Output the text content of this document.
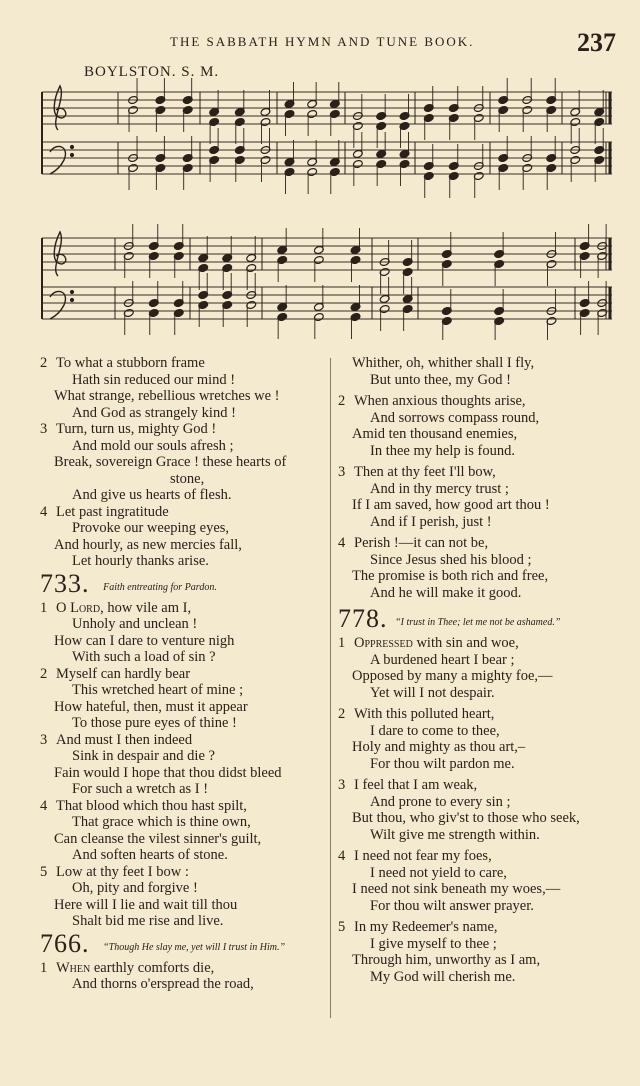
THE SABBATH HYMN AND TUNE BOOK.	237
BOYLSTON. S. M.
2 To what a stubborn frame
Hath sin reduced our mind !
What strange, rebellious wretches we !
And God as strangely kind !
3 Turn, turn us, mighty God !
And mold our souls afresh ;
Break, sovereign Grace ! these hearts of
stone,
And give us hearts of flesh.
4 Let past ingratitude
Provoke our weeping eyes,
And hourly, as new mercies fall,
Let hourly thanks arise.
733. Faith entreating for Pardon.
1 O Lord, how vile am I,
Unholy and unclean !
How can I dare to venture nigh
With such a load of sin ?
2 Myself can hardly bear
This wretched heart of mine ;
How hateful, then, must it appear
To those pure eyes of thine !
3 And must I then indeed
Sink in despair and die ?
Fain would I hope that thou didst bleed
For such a wretch as I !
4 That blood which thou hast spilt,
That grace which is thine own,
Can cleanse the vilest sinner's guilt,
And soften hearts of stone.
5 Low at thy feet I bow :
Oh, pity and forgive !
Here will I lie and wait till thou
Shalt bid me rise and live.
766. “Though He slay me, yet will I trust in Him.”
1 When earthly comforts die,
And thorns o'erspread the road,
Whither, oh, whither shall I fly,
But unto thee, my God !
2 When anxious thoughts arise,
And sorrows compass round,
Amid ten thousand enemies,
In thee my help is found.
3 Then at thy feet I'll bow,
And in thy mercy trust ;
If I am saved, how good art thou !
And if I perish, just !
4 Perish !—it can not be,
Since Jesus shed his blood ;
The promise is both rich and free,
And he will make it good.
778. “I trust in Thee; let me not be ashamed.”
1 Oppressed with sin and woe,
A burdened heart I bear ;
Opposed by many a mighty foe,—
Yet will I not despair.
2 With this polluted heart,
I dare to come to thee,
Holy and mighty as thou art,–
For thou wilt pardon me.
3 I feel that I am weak,
And prone to every sin ;
But thou, who giv'st to those who seek,
Wilt give me strength within.
4 I need not fear my foes,
I need not yield to care,
I need not sink beneath my woes,—
For thou wilt answer prayer.
5 In my Redeemer's name,
I give myself to thee ;
Through him, unworthy as I am,
My God will cherish me.
